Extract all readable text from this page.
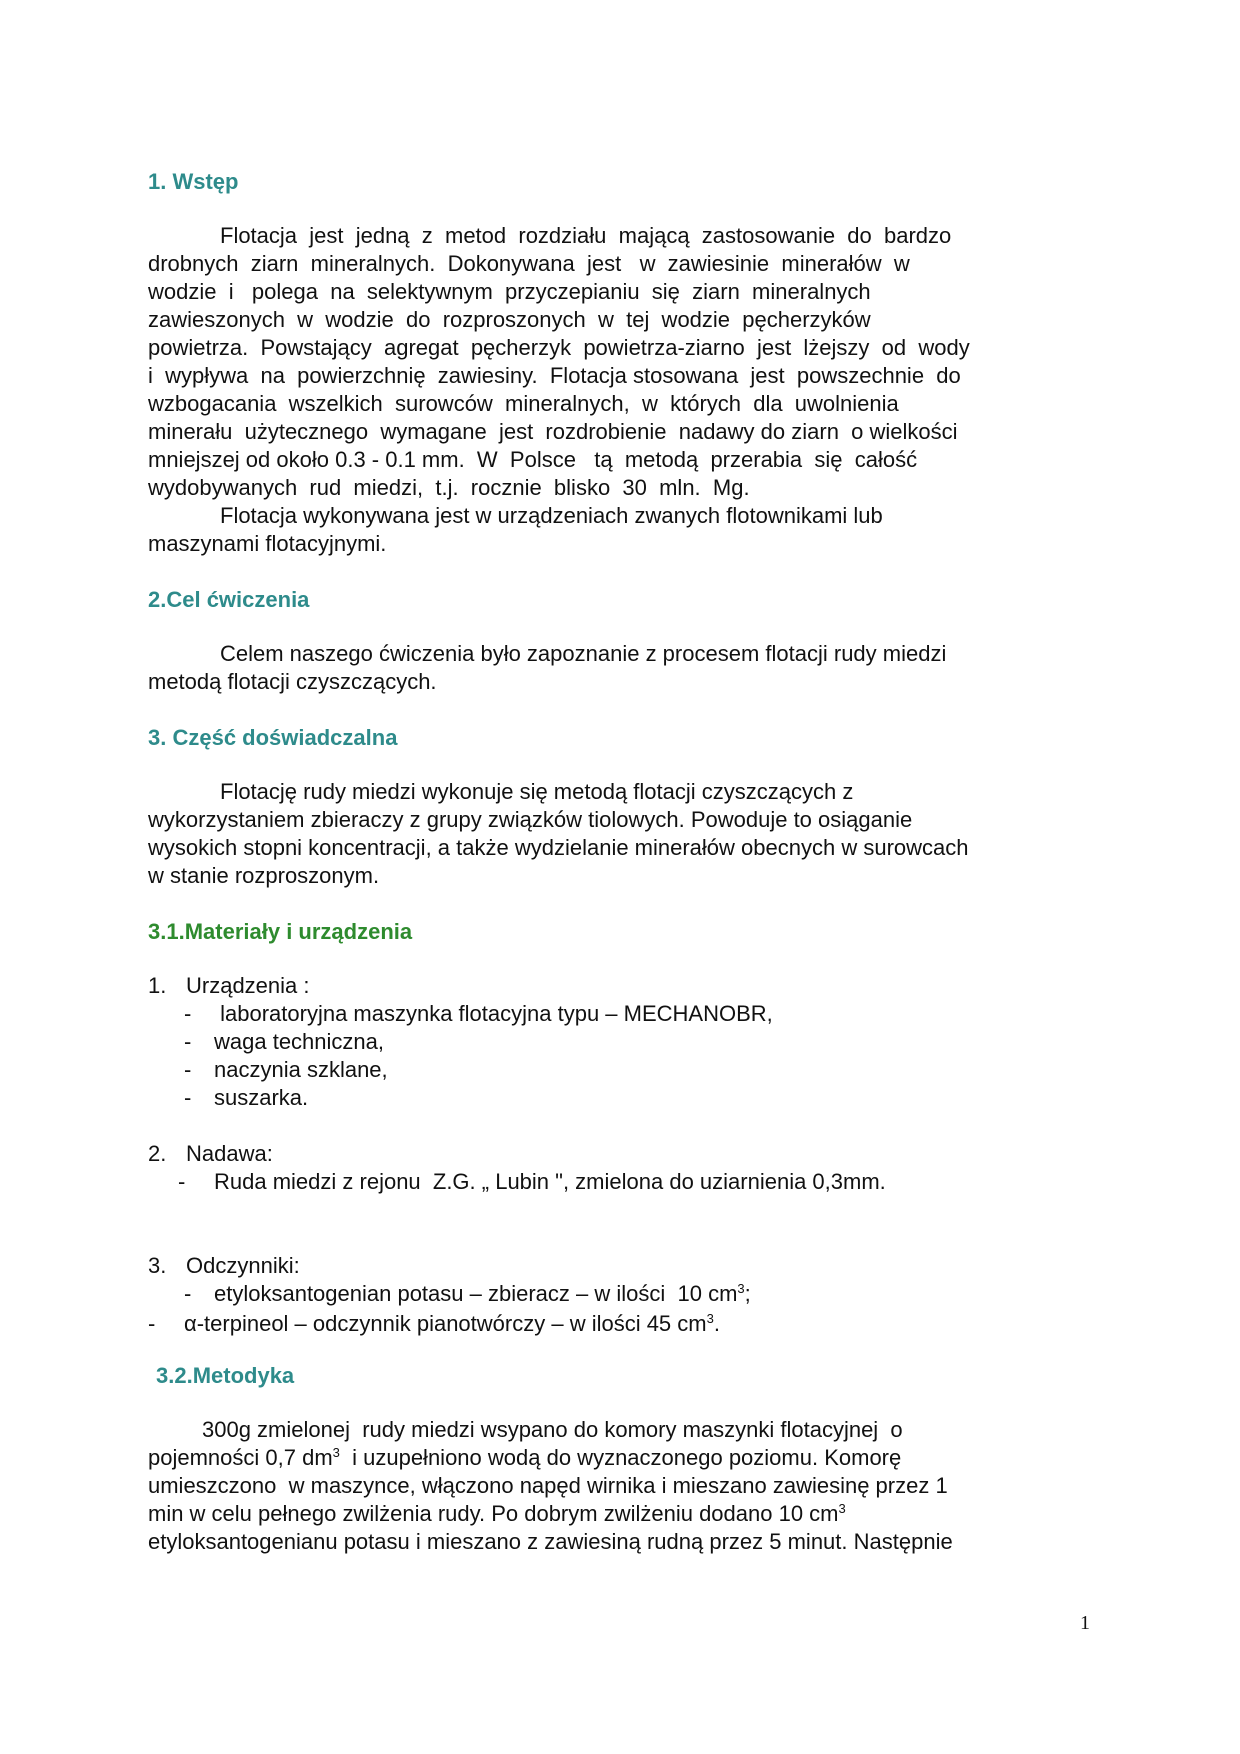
1. Wstęp

Flotacja  jest  jedną  z  metod  rozdziału  mającą  zastosowanie  do  bardzo

drobnych  ziarn  mineralnych.  Dokonywana  jest   w  zawiesinie  minerałów  w

wodzie  i   polega  na  selektywnym  przyczepianiu  się  ziarn  mineralnych

zawieszonych  w  wodzie  do  rozproszonych  w  tej  wodzie  pęcherzyków

powietrza.  Powstający  agregat  pęcherzyk  powietrza-ziarno  jest  lżejszy  od  wody

i  wypływa  na  powierzchnię  zawiesiny.  Flotacja stosowana  jest  powszechnie  do

wzbogacania  wszelkich  surowców  mineralnych,  w  których  dla  uwolnienia

minerału  użytecznego  wymagane  jest  rozdrobienie  nadawy do ziarn  o wielkości

mniejszej od około 0.3 - 0.1 mm.  W  Polsce   tą  metodą  przerabia  się  całość

wydobywanych  rud  miedzi,  t.j.  rocznie  blisko  30  mln.  Mg.

Flotacja wykonywana jest w urządzeniach zwanych flotownikami lub

maszynami flotacyjnymi.

2.Cel ćwiczenia

Celem naszego ćwiczenia było zapoznanie z procesem flotacji rudy miedzi

metodą flotacji czyszczących.

3. Część doświadczalna

Flotację rudy miedzi wykonuje się metodą flotacji czyszczących z

wykorzystaniem zbieraczy z grupy związków tiolowych. Powoduje to osiąganie

wysokich stopni koncentracji, a także wydzielanie minerałów obecnych w surowcach

w stanie rozproszonym.

3.1.Materiały i urządzenia

1. Urządzenia :
-	laboratoryjna maszynka flotacyjna typu – MECHANOBR,
-	waga techniczna,
-	naczynia szklane,
-	suszarka.
2. Nadawa:
-	Ruda miedzi z rejonu  Z.G. „ Lubin ", zmielona do uziarnienia 0,3mm.
3. Odczynniki:
-	etyloksantogenian potasu – zbieracz – w ilości  10 $cm^3$;
-	α-terpineol – odczynnik pianotwórczy – w ilości 45 $cm^3$.

3.2.Metodyka

300g zmielonej  rudy miedzi wsypano do komory maszynki flotacyjnej  o

pojemności 0,7 $dm^3$  i uzupełniono wodą do wyznaczonego poziomu. Komorę

umieszczono  w maszynce, włączono napęd wirnika i mieszano zawiesinę przez 1

min w celu pełnego zwilżenia rudy. Po dobrym zwilżeniu dodano 10 $cm^3$

etyloksantogenianu potasu i mieszano z zawiesiną rudną przez 5 minut. Następnie

1
